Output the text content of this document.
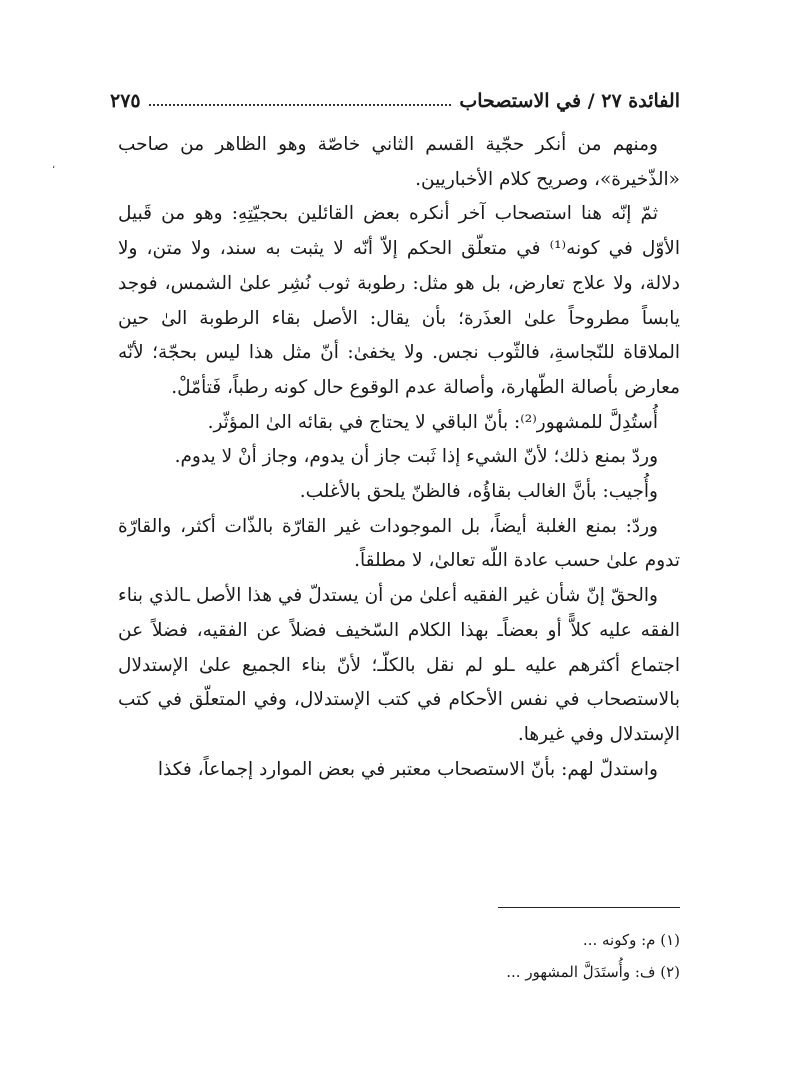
الفائدة ٢٧ / في الاستصحاب
٢٧٥
،

ومنهم من أنكر حجّية القسم الثاني خاصّة وهو الظاهر من صاحب «الذّخيرة»، وصريح كلام الأخباريين.

ثمّ إنّه هنا استصحاب آخر أنكره بعض القائلين بحجيّتِهِ: وهو من قَبيل الأوّل في كونه⁽¹⁾ في متعلّق الحكم إلاّ أنّه لا يثبت به سند، ولا متن، ولا دلالة، ولا علاج تعارض، بل هو مثل: رطوبة ثوب نُشِر علىٰ الشمس، فوجد يابساً مطروحاً علىٰ العذَرة؛ بأن يقال: الأصل بقاء الرطوبة الىٰ حين الملاقاة للنّجاسةِ، فالثّوب نجس. ولا يخفىٰ: أنّ مثل هذا ليس بحجّة؛ لأنّه معارض بأصالة الطّهارة، وأصالة عدم الوقوع حال كونه رطباً، فَتأمّلْ.

أُستُدِلَّ للمشهور⁽²⁾: بأنّ الباقي لا يحتاج في بقائه الىٰ المؤثّر.

وردّ بمنع ذلك؛ لأنّ الشيء إذا ثَبت جاز أن يدوم، وجاز أنْ لا يدوم.

وأُجيب: بأنَّ الغالب بقاؤُه، فالظنّ يلحق بالأغلب.

وردّ: بمنع الغلبة أيضاً، بل الموجودات غير القارّة بالذّات أكثر، والقارّة تدوم علىٰ حسب عادة اللّه تعالىٰ، لا مطلقاً.

والحقّ إنّ شأن غير الفقيه أعلىٰ من أن يستدلّ في هذا الأصل ـالذي بناء الفقه عليه كلاًّ أو بعضاًـ بهذا الكلام السّخيف فضلاً عن الفقيه، فضلاً عن اجتماع أكثرهم عليه ـلو لم نقل بالكلّـ؛ لأنّ بناء الجميع علىٰ الإستدلال بالاستصحاب في نفس الأحكام في كتب الإستدلال، وفي المتعلّق في كتب الإستدلال وفي غيرها.

واستدلّ لهم: بأنّ الاستصحاب معتبر في بعض الموارد إجماعاً، فكذا

(١) م: وكونه ...
(٢) ف: وأُستَدَلَّ المشهور ...
